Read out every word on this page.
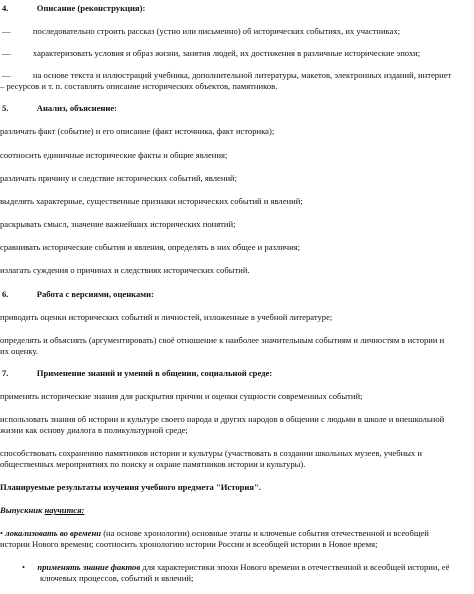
4.	Описание (реконструкция):
—	последовательно строить рассказ (устно или письменно) об исторических событиях, их участниках;
—	характеризовать условия и образ жизни, занятия людей, их достижения в различные исторические эпохи;
—	на основе текста и иллюстраций учебника, дополнительной литературы, макетов, электронных изданий, интернет
– ресурсов и т. п. составлять описание исторических объектов, памятников.
5.	Анализ, объяснение:
различать факт (событие) и его описание (факт источника, факт историка);
соотносить единичные исторические факты и общие явления;
различать причину и следствие исторических событий, явлений;
выделять характерные, существенные признаки исторических событий и явлений;
раскрывать смысл, значение важнейших исторических понятий;
сравнивать исторические события и явления, определять в них общее и различия;
излагать суждения о причинах и следствиях исторических событий.
6.	Работа с версиями, оценками:
приводить оценки исторических событий и личностей, изложенные в учебной литературе;
определять и объяснять (аргументировать) своё отношение к наиболее значительным событиям и личностям в истории и
их оценку.
7.	Применение знаний и умений в общении, социальной среде:
применять исторические знания для раскрытия причин и оценки сущности современных событий;
использовать знания об истории и культуре своего народа и других народов в общении с людьми в школе и внешкольной
жизни как основу диалога в поликультурной среде;
способствовать сохранению памятников истории и культуры (участвовать в создании школьных музеев, учебных и
общественных мероприятиях по поиску и охране памятников истории и культуры).
Планируемые результаты изучения учебного предмета "История".
Выпускник научится:
• локализовать во времени (на основе хронологии) основные этапы и ключевые события отечественной и всеобщей
истории Нового времени; соотносить хронологию истории России и всеобщей истории в Новое время;
• применять знание фактов для характеристики эпохи Нового времени в отечественной и всеобщей истории, её
ключевых процессов, событий и явлений;
